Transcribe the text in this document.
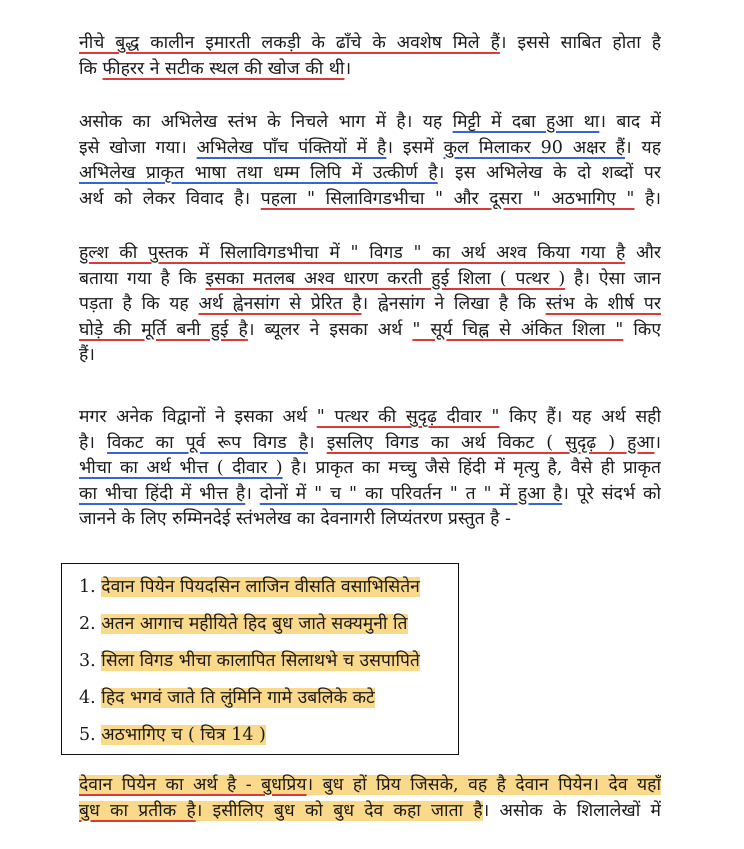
नीचे बुद्ध कालीन इमारती लकड़ी के ढाँचे के अवशेष मिले हैं। इससे साबित होता है
कि फीहरर ने सटीक स्थल की खोज की थी।
असोक का अभिलेख स्तंभ के निचले भाग में है। यह मिट्टी में दबा हुआ था। बाद में
इसे खोजा गया। अभिलेख पाँच पंक्तियों में है। इसमें कुल मिलाकर 90 अक्षर हैं। यह
अभिलेख प्राकृत भाषा तथा धम्म लिपि में उत्कीर्ण है। इस अभिलेख के दो शब्दों पर
अर्थ को लेकर विवाद है। पहला " सिलाविगडभीचा " और दूसरा " अठभागिए " है।
हुल्श की पुस्तक में सिलाविगडभीचा में " विगड " का अर्थ अश्व किया गया है और
बताया गया है कि इसका मतलब अश्व धारण करती हुई शिला ( पत्थर ) है। ऐसा जान
पड़ता है कि यह अर्थ ह्वेनसांग से प्रेरित है। ह्वेनसांग ने लिखा है कि स्तंभ के शीर्ष पर
घोड़े की मूर्ति बनी हुई है। ब्यूलर ने इसका अर्थ " सूर्य चिह्न से अंकित शिला " किए
हैं।
मगर अनेक विद्वानों ने इसका अर्थ " पत्थर की सुदृढ़ दीवार " किए हैं। यह अर्थ सही
है। विकट का पूर्व रूप विगड है। इसलिए विगड का अर्थ विकट ( सुदृढ़ ) हुआ।
भीचा का अर्थ भीत्त ( दीवार ) है। प्राकृत का मच्चु जैसे हिंदी में मृत्यु है, वैसे ही प्राकृत
का भीचा हिंदी में भीत्त है। दोनों में " च " का परिवर्तन " त " में हुआ है। पूरे संदर्भ को
जानने के लिए रुम्मिनदेई स्तंभलेख का देवनागरी लिप्यंतरण प्रस्तुत है -
1. देवान पियेन पियदसिन लाजिन वीसति वसाभिसितेन
2. अतन आगाच महीयिते हिद बुध जाते सक्यमुनी ति
3. सिला विगड भीचा कालापित सिलाथभे च उसपापिते
4. हिद भगवं जाते ति लुंमिनि गामे उबलिके कटे
5. अठभागिए च ( चित्र 14 )
देवान पियेन का अर्थ है - बुधप्रिय। बुध हों प्रिय जिसके, वह है देवान पियेन। देव यहाँ
बुध का प्रतीक है। इसीलिए बुध को बुध देव कहा जाता है। असोक के शिलालेखों में
